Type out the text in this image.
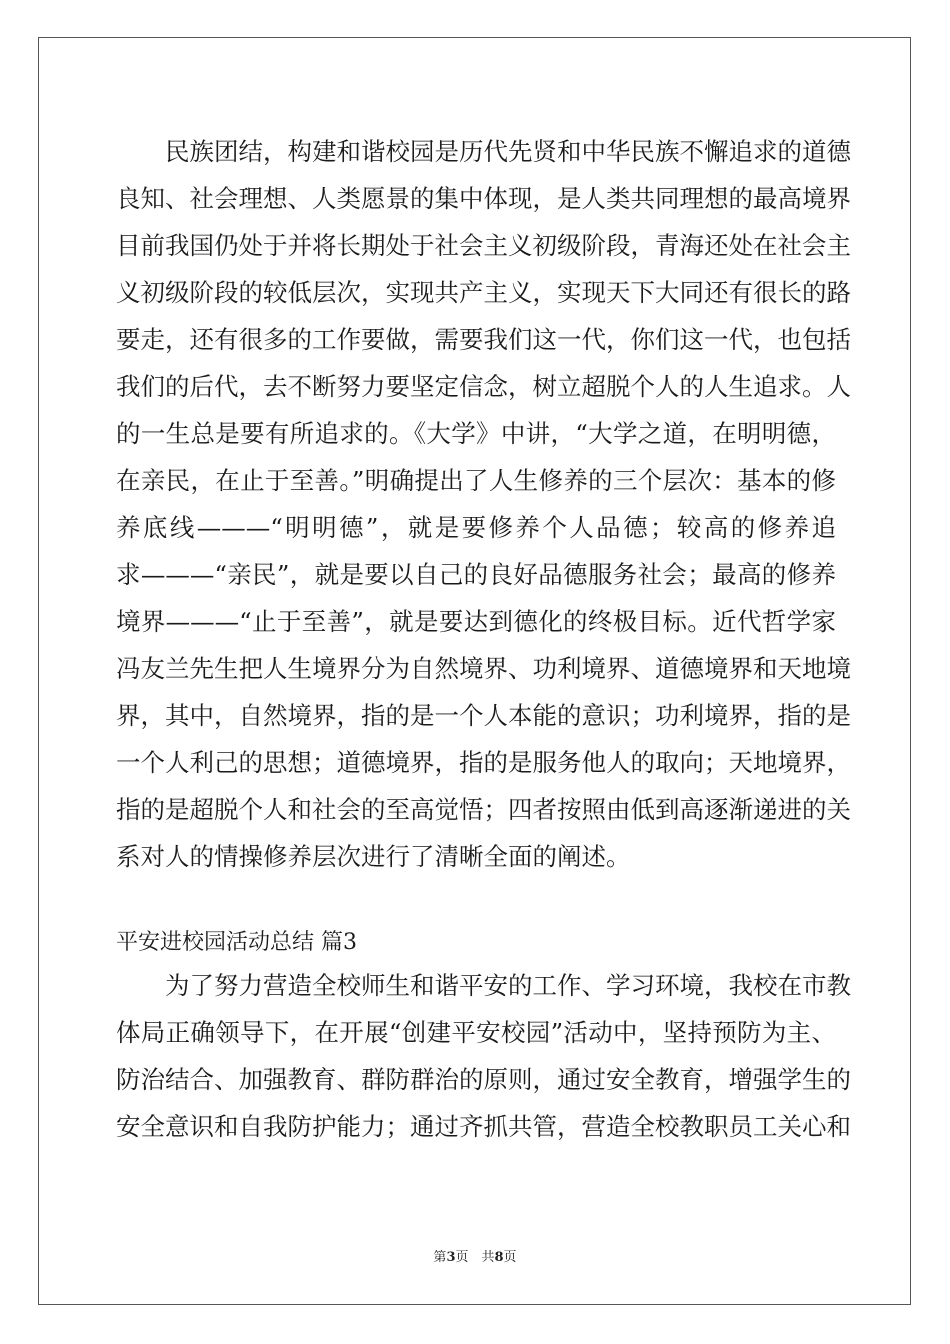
民族团结，构建和谐校园是历代先贤和中华民族不懈追求的道德
良知、社会理想、人类愿景的集中体现，是人类共同理想的最高境界
目前我国仍处于并将长期处于社会主义初级阶段，青海还处在社会主
义初级阶段的较低层次，实现共产主义，实现天下大同还有很长的路
要走，还有很多的工作要做，需要我们这一代，你们这一代，也包括
我们的后代，去不断努力要坚定信念，树立超脱个人的人生追求。人
的一生总是要有所追求的。《大学》中讲，“大学之道，在明明德，
在亲民，在止于至善。”明确提出了人生修养的三个层次：基本的修
养底线———“明明德”，就是要修养个人品德；较高的修养追
求———“亲民”，就是要以自己的良好品德服务社会；最高的修养
境界———“止于至善”，就是要达到德化的终极目标。近代哲学家
冯友兰先生把人生境界分为自然境界、功利境界、道德境界和天地境
界，其中，自然境界，指的是一个人本能的意识；功利境界，指的是
一个人利己的思想；道德境界，指的是服务他人的取向；天地境界，
指的是超脱个人和社会的至高觉悟；四者按照由低到高逐渐递进的关
系对人的情操修养层次进行了清晰全面的阐述。
平安进校园活动总结 篇3
为了努力营造全校师生和谐平安的工作、学习环境，我校在市教
体局正确领导下，在开展“创建平安校园”活动中，坚持预防为主、
防治结合、加强教育、群防群治的原则，通过安全教育，增强学生的
安全意识和自我防护能力；通过齐抓共管，营造全校教职员工关心和
第3页　共8页
